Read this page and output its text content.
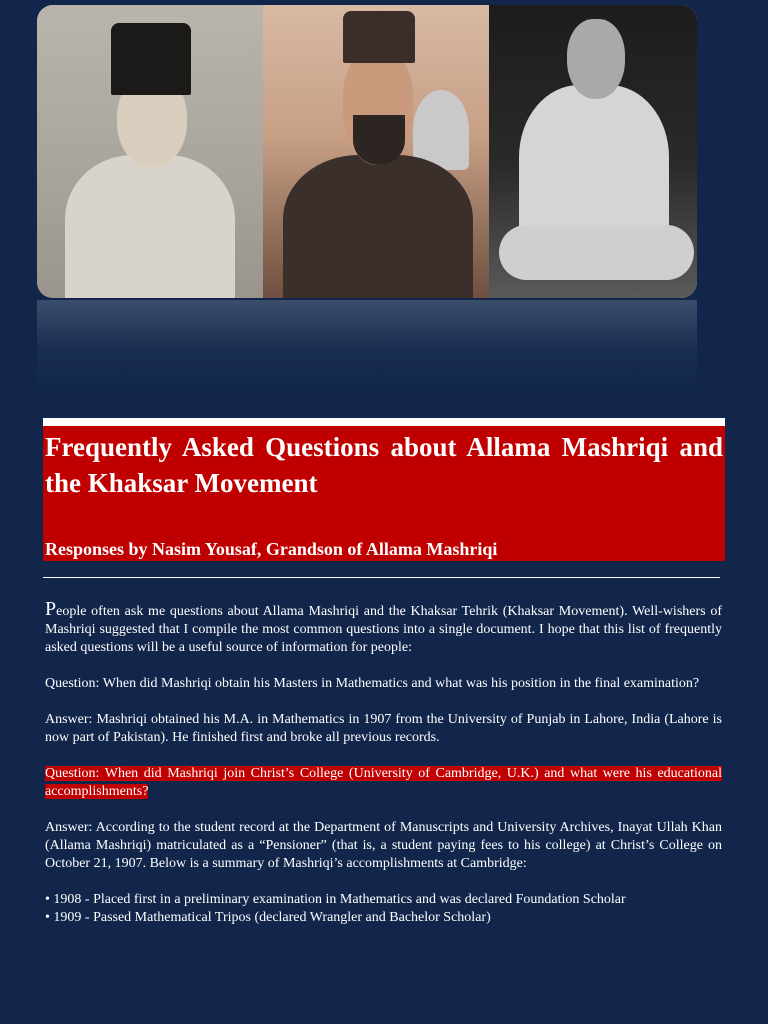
Frequently Asked Questions about Allama Mashriqi and the Khaksar Movement

Responses by Nasim Yousaf, Grandson of Allama Mashriqi

People often ask me questions about Allama Mashriqi and the Khaksar Tehrik (Khaksar Movement). Well-wishers of Mashriqi suggested that I compile the most common questions into a single document. I hope that this list of frequently asked questions will be a useful source of information for people:

Question: When did Mashriqi obtain his Masters in Mathematics and what was his position in the final examination?

Answer: Mashriqi obtained his M.A. in Mathematics in 1907 from the University of Punjab in Lahore, India (Lahore is now part of Pakistan). He finished first and broke all previous records.

Question: When did Mashriqi join Christ’s College (University of Cambridge, U.K.) and what were his educational accomplishments?

Answer: According to the student record at the Department of Manuscripts and University Archives, Inayat Ullah Khan (Allama Mashriqi) matriculated as a “Pensioner” (that is, a student paying fees to his college) at Christ’s College on October 21, 1907. Below is a summary of Mashriqi’s accomplishments at Cambridge:

• 1908 - Placed first in a preliminary examination in Mathematics and was declared Foundation Scholar
• 1909 - Passed Mathematical Tripos (declared Wrangler and Bachelor Scholar)
